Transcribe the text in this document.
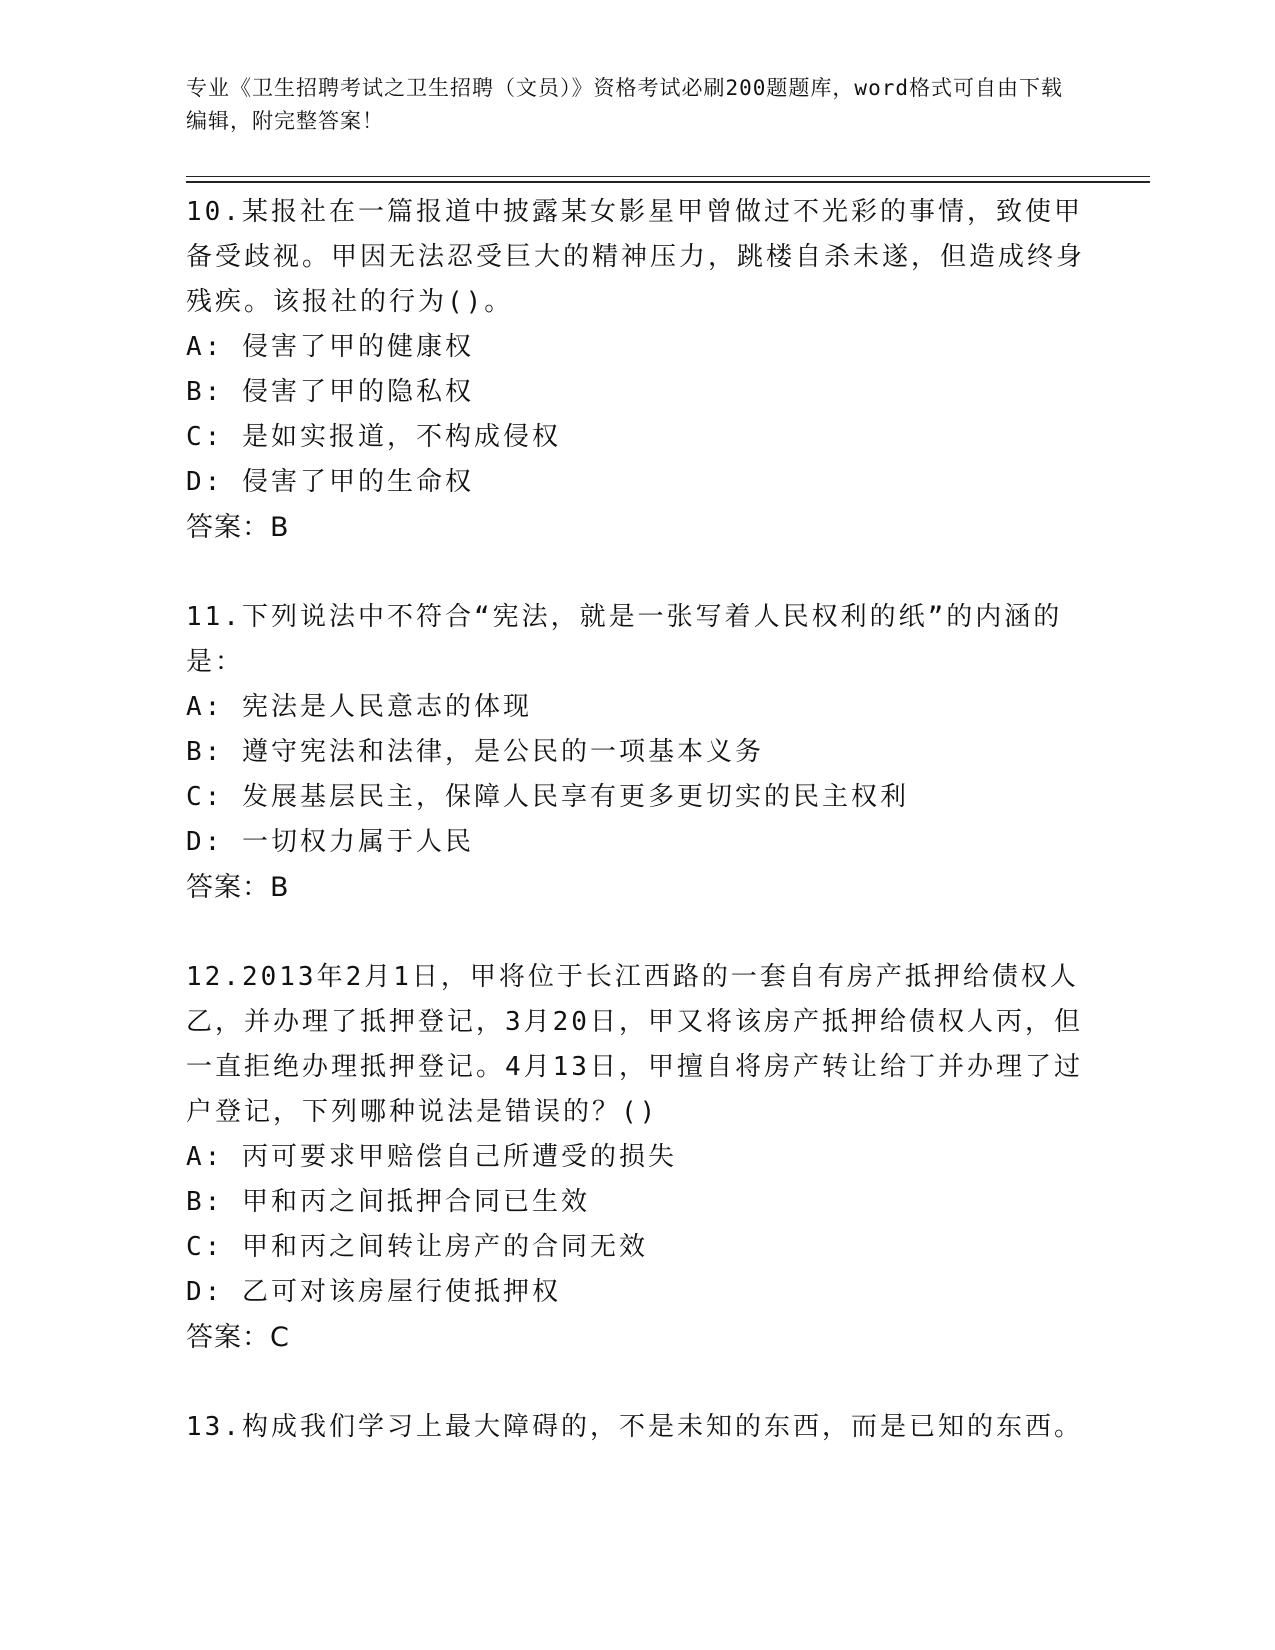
专业《卫生招聘考试之卫生招聘（文员）》资格考试必刷200题题库，word格式可自由下载编辑，附完整答案！

10.某报社在一篇报道中披露某女影星甲曾做过不光彩的事情，致使甲备受歧视。甲因无法忍受巨大的精神压力，跳楼自杀未遂，但造成终身残疾。该报社的行为()。

A: 侵害了甲的健康权

B: 侵害了甲的隐私权

C: 是如实报道，不构成侵权

D: 侵害了甲的生命权

答案：B

11.下列说法中不符合“宪法，就是一张写着人民权利的纸”的内涵的是：

A: 宪法是人民意志的体现

B: 遵守宪法和法律，是公民的一项基本义务

C: 发展基层民主，保障人民享有更多更切实的民主权利

D: 一切权力属于人民

答案：B

12.2013年2月1日，甲将位于长江西路的一套自有房产抵押给债权人乙，并办理了抵押登记，3月20日，甲又将该房产抵押给债权人丙，但一直拒绝办理抵押登记。4月13日，甲擅自将房产转让给丁并办理了过户登记，下列哪种说法是错误的？()

A: 丙可要求甲赔偿自己所遭受的损失

B: 甲和丙之间抵押合同已生效

C: 甲和丙之间转让房产的合同无效

D: 乙可对该房屋行使抵押权

答案：C

13.构成我们学习上最大障碍的，不是未知的东西，而是已知的东西。
